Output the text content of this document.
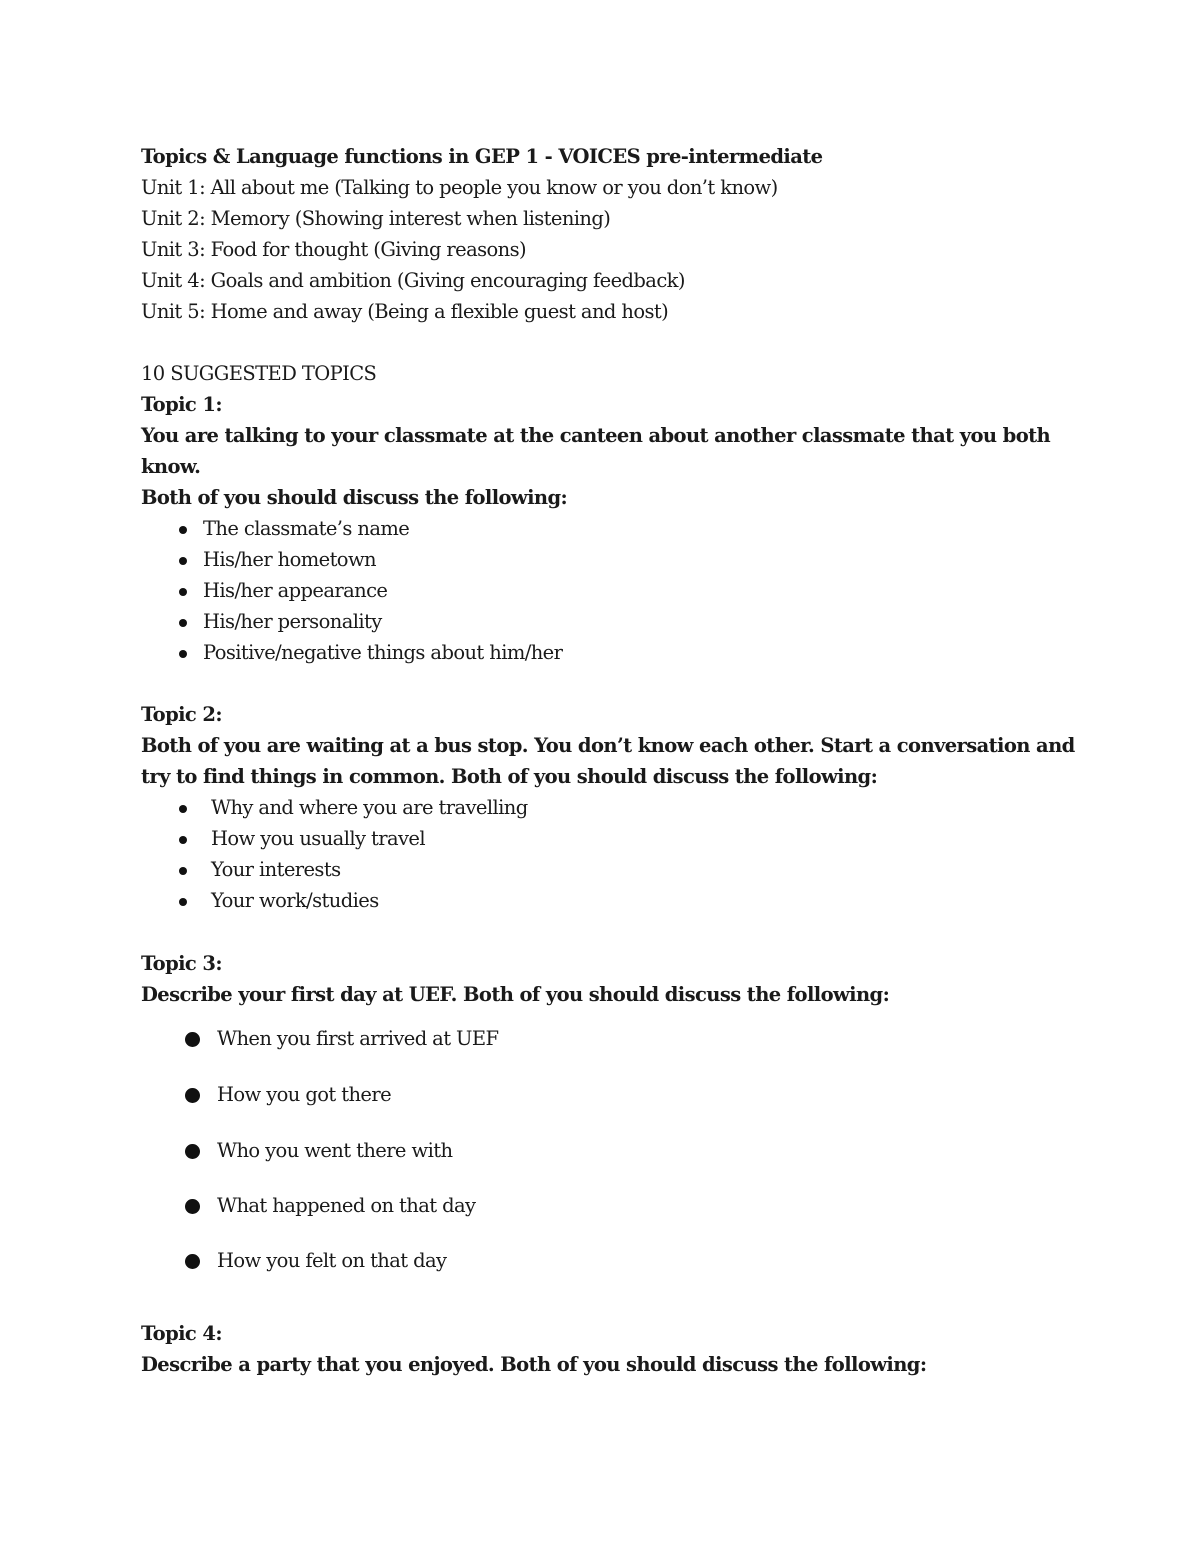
Topics & Language functions in GEP 1 - VOICES pre-intermediate
Unit 1: All about me (Talking to people you know or you don’t know)
Unit 2: Memory (Showing interest when listening)
Unit 3: Food for thought (Giving reasons)
Unit 4: Goals and ambition (Giving encouraging feedback)
Unit 5: Home and away (Being a flexible guest and host)
10 SUGGESTED TOPICS
Topic 1:
You are talking to your classmate at the canteen about another classmate that you both
know.
Both of you should discuss the following:
The classmate’s name
His/her hometown
His/her appearance
His/her personality
Positive/negative things about him/her
Topic 2:
Both of you are waiting at a bus stop. You don’t know each other. Start a conversation and
try to find things in common. Both of you should discuss the following:
Why and where you are travelling
How you usually travel
Your interests
Your work/studies
Topic 3:
Describe your first day at UEF. Both of you should discuss the following:
When you first arrived at UEF
How you got there
Who you went there with
What happened on that day
How you felt on that day
Topic 4:
Describe a party that you enjoyed. Both of you should discuss the following:
